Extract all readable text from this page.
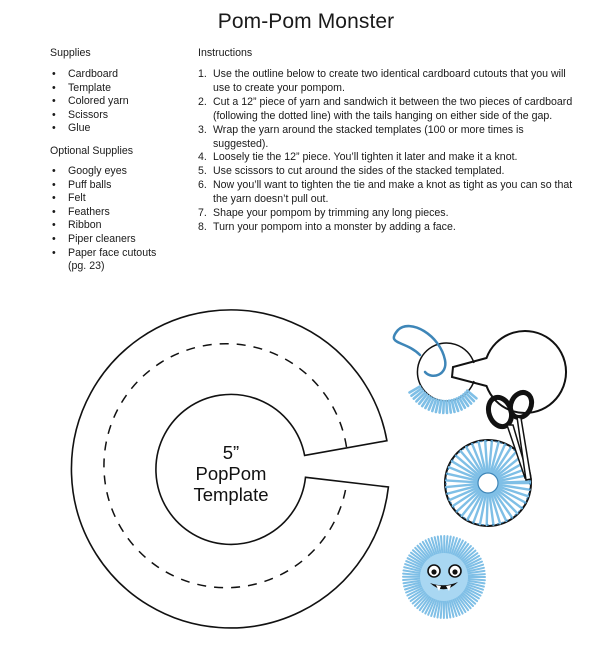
Pom-Pom Monster
Supplies
• Cardboard
• Template
• Colored yarn
• Scissors
• Glue
Optional Supplies
• Googly eyes
• Puff balls
• Felt
• Feathers
• Ribbon
• Piper cleaners
• Paper face cutouts (pg. 23)
Instructions
1. Use the outline below to create two identical cardboard cutouts that you will use to create your pompom.
2. Cut a 12” piece of yarn and sandwich it between the two pieces of cardboard (following the dotted line) with the tails hanging on either side of the gap.
3. Wrap the yarn around the stacked templates (100 or more times is suggested).
4. Loosely tie the 12” piece. You’ll tighten it later and make it a knot.
5. Use scissors to cut around the sides of the stacked templated.
6. Now you’ll want to tighten the tie and make a knot as tight as you can so that the yarn doesn’t pull out.
7. Shape your pompom by trimming any long pieces.
8. Turn your pompom into a monster by adding a face.
5”
PopPom
Template
